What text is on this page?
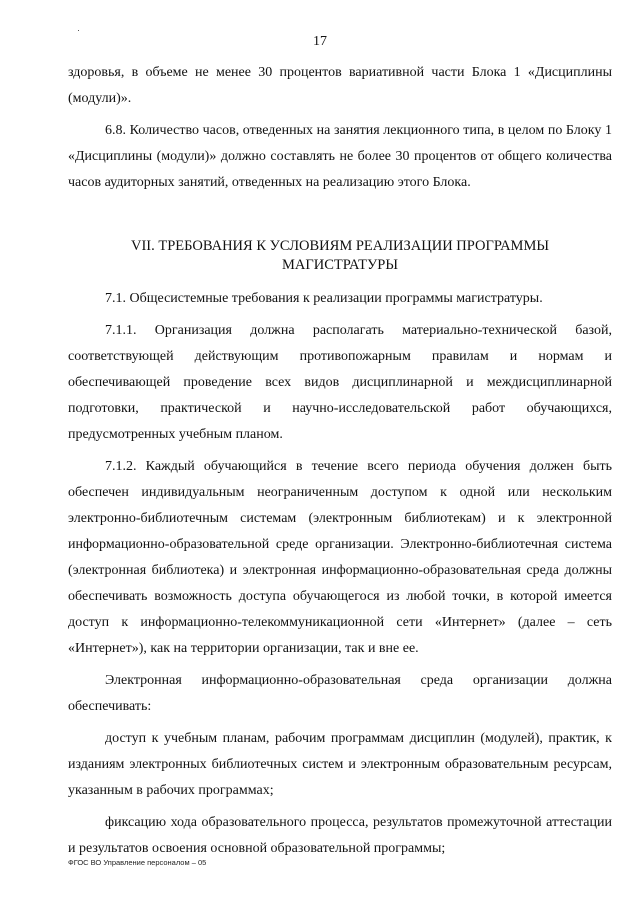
17

здоровья, в объеме не менее 30 процентов вариативной части Блока 1 «Дисциплины (модули)».

6.8. Количество часов, отведенных на занятия лекционного типа, в целом по Блоку 1 «Дисциплины (модули)» должно составлять не более 30 процентов от общего количества часов аудиторных занятий, отведенных на реализацию этого Блока.

VII. ТРЕБОВАНИЯ К УСЛОВИЯМ РЕАЛИЗАЦИИ ПРОГРАММЫ

МАГИСТРАТУРЫ

7.1. Общесистемные требования к реализации программы магистратуры.

7.1.1. Организация должна располагать материально-технической базой, соответствующей действующим противопожарным правилам и нормам и обеспечивающей проведение всех видов дисциплинарной и междисциплинарной подготовки, практической и научно-исследовательской работ обучающихся, предусмотренных учебным планом.

7.1.2. Каждый обучающийся в течение всего периода обучения должен быть обеспечен индивидуальным неограниченным доступом к одной или нескольким электронно-библиотечным системам (электронным библиотекам) и к электронной информационно-образовательной среде организации. Электронно-библиотечная система (электронная библиотека) и электронная информационно-образовательная среда должны обеспечивать возможность доступа обучающегося из любой точки, в которой имеется доступ к информационно-телекоммуникационной сети «Интернет» (далее – сеть «Интернет»), как на территории организации, так и вне ее.

Электронная информационно-образовательная среда организации должна обеспечивать:

доступ к учебным планам, рабочим программам дисциплин (модулей), практик, к изданиям электронных библиотечных систем и электронным образовательным ресурсам, указанным в рабочих программах;

фиксацию хода образовательного процесса, результатов промежуточной аттестации и результатов освоения основной образовательной программы;

ФГОС ВО Управление персоналом – 05
